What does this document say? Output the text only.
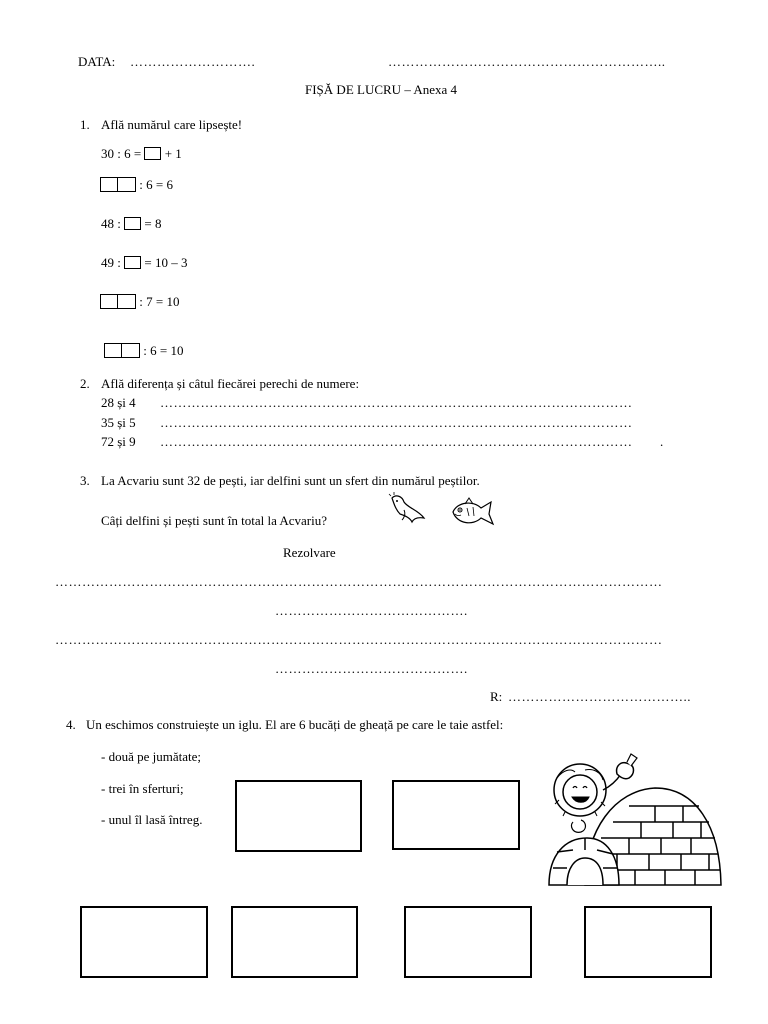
DATA: ……………………….	……………………………………………………..
FIȘĂ DE LUCRU – Anexa 4
1. Află numărul care lipsește!
30 : 6 = + 1
: 6 = 6
48 : = 8
49 : = 10 – 3
: 7 = 10
: 6 = 10
2. Află diferența și câtul fiecărei perechi de numere:
28 și 4 ……………………………………………………………………………………………
35 și 5 ……………………………………………………………………………………………
72 și 9 ……………………………………………………………………………………………	.
3. La Acvariu sunt 32 de pești, iar delfini sunt un sfert din numărul peștilor.
Câți delfini și pești sunt în total la Acvariu?
Rezolvare
………………………………………………………………………………………………………………………
…………………………………….
………………………………………………………………………………………………………………………
…………………………………….
R: …………………………………..
4. Un eschimos construiește un iglu. El are 6 bucăți de gheață pe care le taie astfel:
- două pe jumătate;
- trei în sferturi;
- unul îl lasă întreg.
